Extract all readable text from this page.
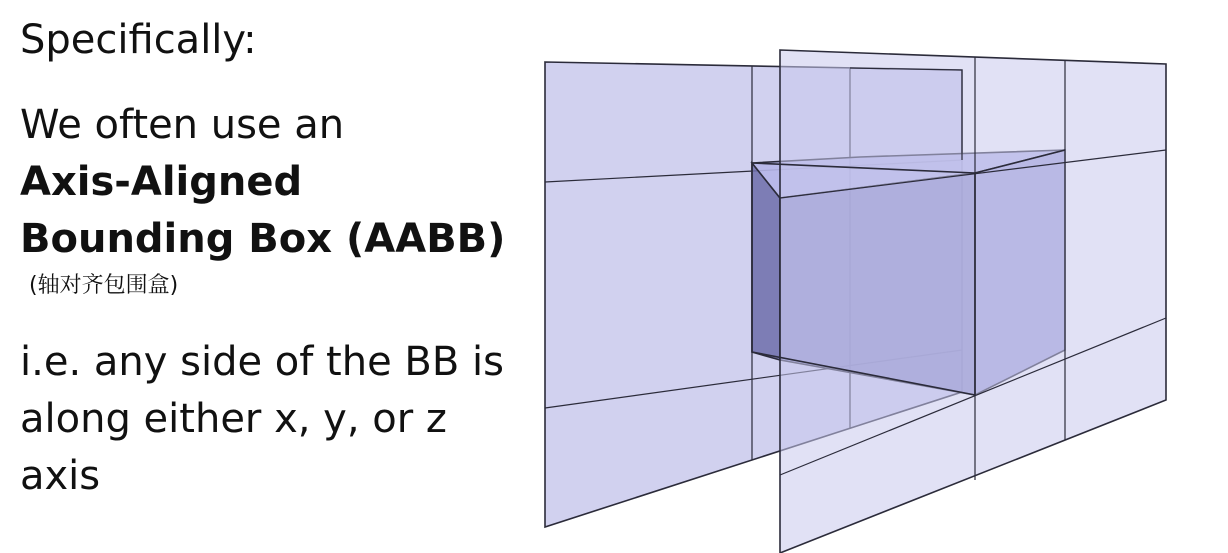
Specifically:
We often use an
Axis-Aligned
Bounding Box (AABB)
(轴对齐包围盒)
i.e. any side of the BB is along either x, y, or z axis
